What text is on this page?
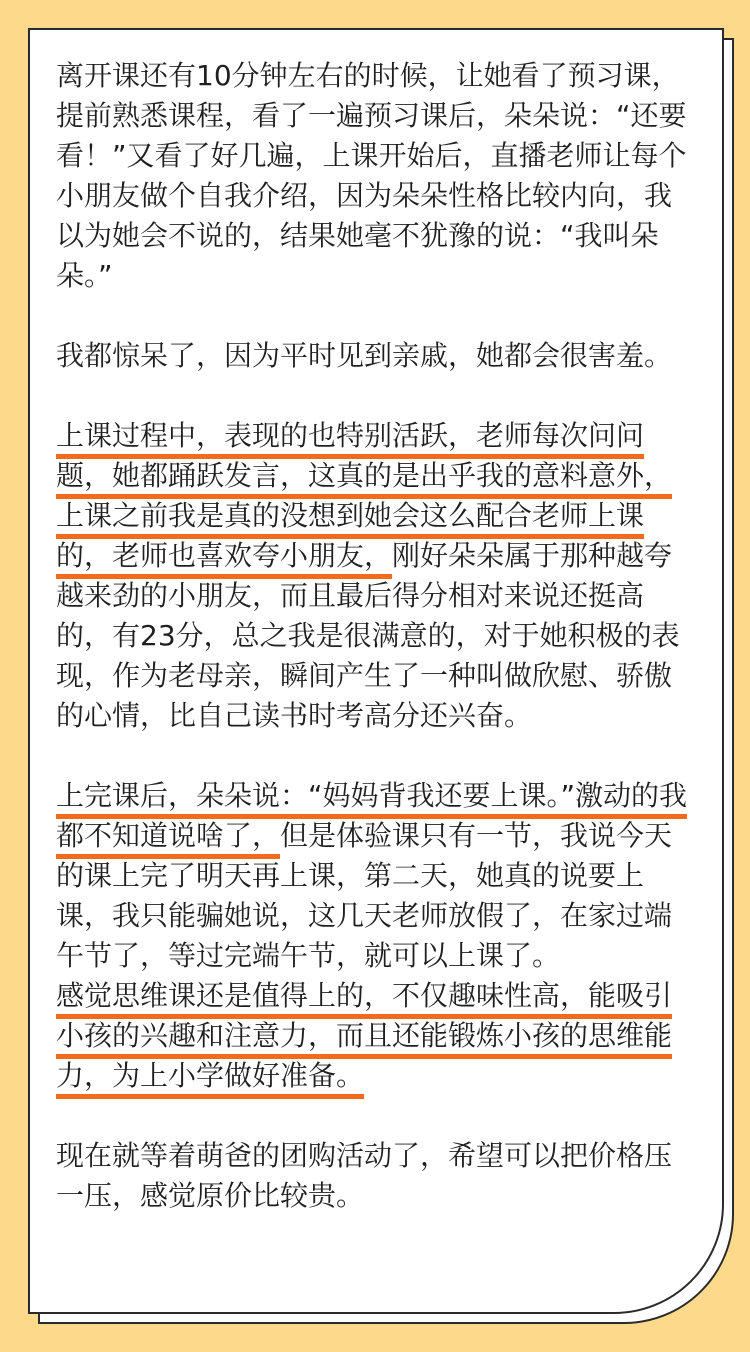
离开课还有10分钟左右的时候，让她看了预习课，提前熟悉课程，看了一遍预习课后，朵朵说：“还要看！”又看了好几遍，上课开始后，直播老师让每个小朋友做个自我介绍，因为朵朵性格比较内向，我以为她会不说的，结果她毫不犹豫的说：“我叫朵朵。”

我都惊呆了，因为平时见到亲戚，她都会很害羞。

上课过程中，表现的也特别活跃，老师每次问问题，她都踊跃发言，这真的是出乎我的意料意外，上课之前我是真的没想到她会这么配合老师上课的，老师也喜欢夸小朋友，刚好朵朵属于那种越夸越来劲的小朋友，而且最后得分相对来说还挺高的，有23分，总之我是很满意的，对于她积极的表现，作为老母亲，瞬间产生了一种叫做欣慰、骄傲的心情，比自己读书时考高分还兴奋。

上完课后，朵朵说：“妈妈背我还要上课。”激动的我都不知道说啥了，但是体验课只有一节，我说今天的课上完了明天再上课，第二天，她真的说要上课，我只能骗她说，这几天老师放假了，在家过端午节了，等过完端午节，就可以上课了。

感觉思维课还是值得上的，不仅趣味性高，能吸引小孩的兴趣和注意力，而且还能锻炼小孩的思维能力，为上小学做好准备。

现在就等着萌爸的团购活动了，希望可以把价格压一压，感觉原价比较贵。
